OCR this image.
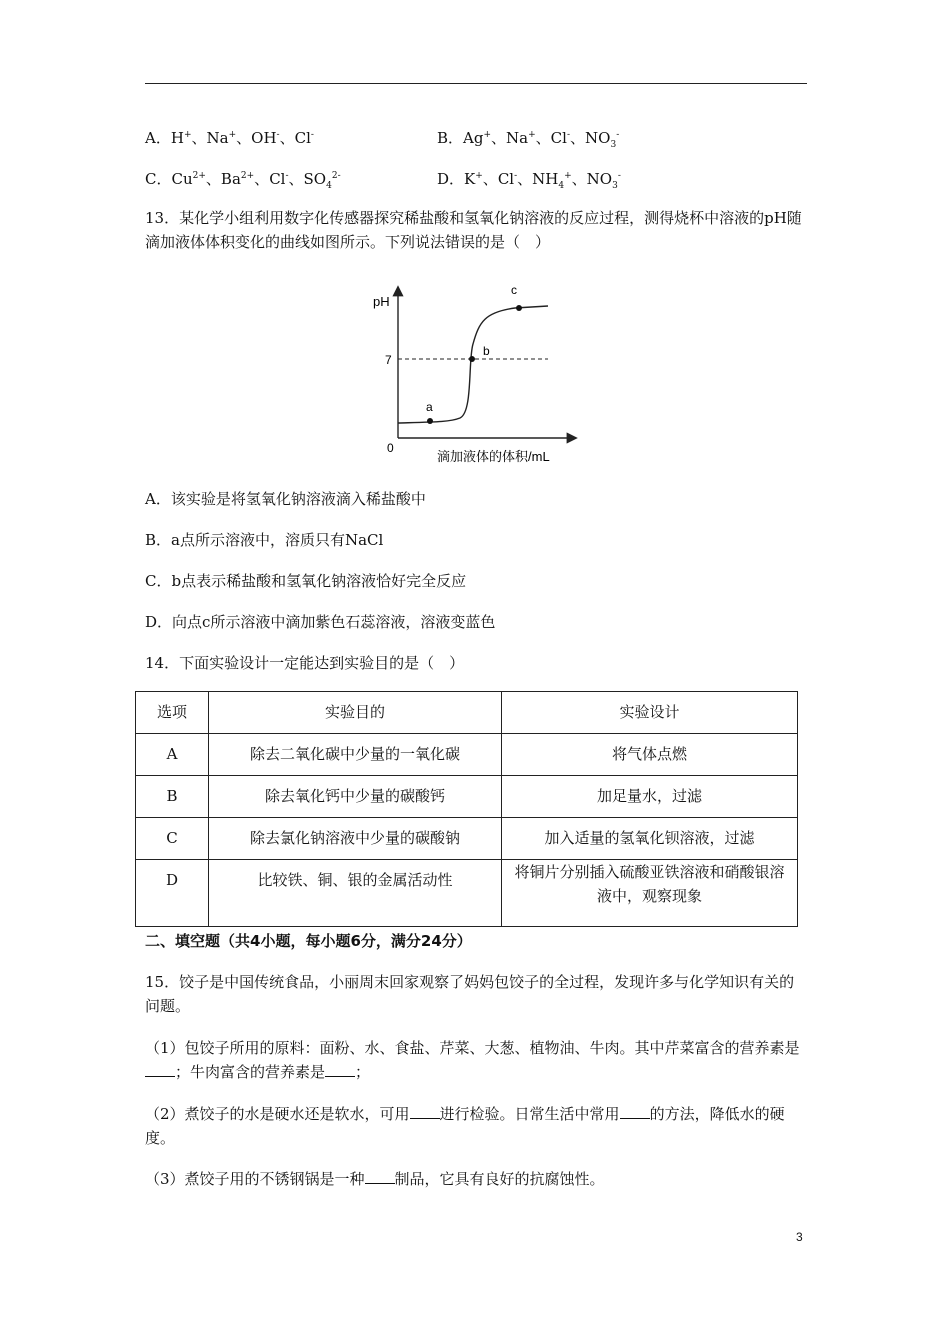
A．H+、Na+、OH-、Cl-	B．Ag+、Na+、Cl-、$NO_3^-$
C．$Cu^{2+}$、$Ba^{2+}$、Cl-、$SO_4^{2-}$	D．K+、Cl-、$NH_4^+$、$NO_3^-$
13．某化学小组利用数字化传感器探究稀盐酸和氢氧化钠溶液的反应过程，测得烧杯中溶液的pH随滴加液体体积变化的曲线如图所示。下列说法错误的是（　）
pH
7
0
a
b
c
滴加液体的体积/mL
A．该实验是将氢氧化钠溶液滴入稀盐酸中
B．a点所示溶液中，溶质只有NaCl
C．b点表示稀盐酸和氢氧化钠溶液恰好完全反应
D．向点c所示溶液中滴加紫色石蕊溶液，溶液变蓝色
14．下面实验设计一定能达到实验目的是（　）
选项	实验目的	实验设计
A	除去二氧化碳中少量的一氧化碳	将气体点燃
B	除去氧化钙中少量的碳酸钙	加足量水，过滤
C	除去氯化钠溶液中少量的碳酸钠	加入适量的氢氧化钡溶液，过滤
D	比较铁、铜、银的金属活动性	将铜片分别插入硫酸亚铁溶液和硝酸银溶液中，观察现象
二、填空题（共4小题，每小题6分，满分24分）
15．饺子是中国传统食品，小丽周末回家观察了妈妈包饺子的全过程，发现许多与化学知识有关的问题。
（1）包饺子所用的原料：面粉、水、食盐、芹菜、大葱、植物油、牛肉。其中芹菜富含的营养素是；牛肉富含的营养素是 ；
（2）煮饺子的水是硬水还是软水，可用 进行检验。日常生活中常用 的方法，降低水的硬度。
（3）煮饺子用的不锈钢锅是一种 制品，它具有良好的抗腐蚀性。
3
